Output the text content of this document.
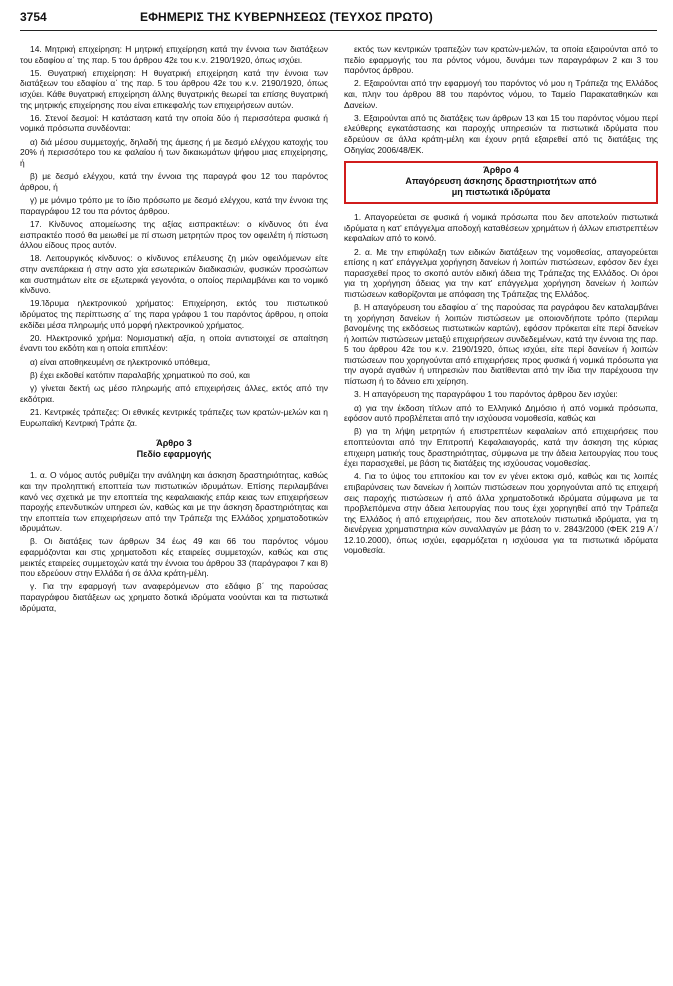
3754	ΕΦΗΜΕΡΙΣ ΤΗΣ ΚΥΒΕΡΝΗΣΕΩΣ (ΤΕΥΧΟΣ ΠΡΩΤΟ)

14. Μητρική επιχείρηση: Η μητρική επιχείρηση κατά την έννοια των διατάξεων του εδαφίου α΄ της παρ. 5 του άρθρου 42ε του κ.ν. 2190/1920, όπως ισχύει.

15. Θυγατρική επιχείρηση: Η θυγατρική επιχείρηση κατά την έννοια των διατάξεων του εδαφίου α΄ της παρ. 5 του άρθρου 42ε του κ.ν. 2190/1920, όπως ισχύει. Κάθε θυγατρική επιχείρηση άλλης θυγατρικής θεωρεί ται επίσης θυγατρική της μητρικής επιχείρησης που είναι επικεφαλής των επιχειρήσεων αυτών.

16. Στενοί δεσμοί: Η κατάσταση κατά την οποία δύο ή περισσότερα φυσικά ή νομικά πρόσωπα συνδέονται:

α) διά μέσου συμμετοχής, δηλαδή της άμεσης ή με δεσμό ελέγχου κατοχής του 20% ή περισσότερο του κε φαλαίου ή των δικαιωμάτων ψήφου μιας επιχείρησης, ή

β) με δεσμό ελέγχου, κατά την έννοια της παραγρά φου 12 του παρόντος άρθρου, ή

γ) με μόνιμο τρόπο με το ίδιο πρόσωπο με δεσμό ελέγχου, κατά την έννοια της παραγράφου 12 του πα ρόντος άρθρου.

17. Κίνδυνος απομείωσης της αξίας εισπρακτέων: ο κίνδυνος ότι ένα εισπρακτέο ποσό θα μειωθεί με πί στωση μετρητών προς τον οφειλέτη ή πίστωση άλλου είδους προς αυτόν.

18. Λειτουργικός κίνδυνος: ο κίνδυνος επέλευσης ζη μιών οφειλόμενων είτε στην ανεπάρκεια ή στην αστο χία εσωτερικών διαδικασιών, φυσικών προσώπων και συστημάτων είτε σε εξωτερικά γεγονότα, ο οποίος περιλαμβάνει και το νομικό κίνδυνο.

19.Ίδρυμα ηλεκτρονικού χρήματος: Επιχείρηση, εκτός του πιστωτικού ιδρύματος της περίπτωσης α΄ της παρα γράφου 1 του παρόντος άρθρου, η οποία εκδίδει μέσα πληρωμής υπό μορφή ηλεκτρονικού χρήματος.

20. Ηλεκτρονικό χρήμα: Νομισματική αξία, η οποία αντιστοιχεί σε απαίτηση έναντι του εκδότη και η οποία επιπλέον:

α) είναι αποθηκευμένη σε ηλεκτρονικό υπόθεμα,

β) έχει εκδοθεί κατόπιν παραλαβής χρηματικού πο σού, και

γ) γίνεται δεκτή ως μέσο πληρωμής από επιχειρήσεις άλλες, εκτός από την εκδότρια.

21. Κεντρικές τράπεζες: Οι εθνικές κεντρικές τράπεζες των κρατών-μελών και η Ευρωπαϊκή Κεντρική Τράπε ζα.

Άρθρο 3
Πεδίο εφαρμογής

1. α. Ο νόμος αυτός ρυθμίζει την ανάληψη και άσκηση δραστηριότητας, καθώς και την προληπτική εποπτεία των πιστωτικών ιδρυμάτων. Επίσης περιλαμβάνει κανό νες σχετικά με την εποπτεία της κεφαλαιακής επάρ κειας των επιχειρήσεων παροχής επενδυτικών υπηρεσι ών, καθώς και με την άσκηση δραστηριότητας και την εποπτεία των επιχειρήσεων από την Τράπεζα της Ελλάδος χρηματοδοτικών ιδρυμάτων.

β. Οι διατάξεις των άρθρων 34 έως 49 και 66 του παρόντος νόμου εφαρμόζονται και στις χρηματοδοτι κές εταιρείες συμμετοχών, καθώς και στις μεικτές εταιρείες συμμετοχών κατά την έννοια του άρθρου 33 (παράγραφοι 7 και 8) που εδρεύουν στην Ελλάδα ή σε άλλα κράτη-μέλη.

γ. Για την εφαρμογή των αναφερόμενων στο εδάφιο β΄ της παρούσας παραγράφου διατάξεων ως χρηματο δοτικά ιδρύματα νοούνται και τα πιστωτικά ιδρύματα,

εκτός των κεντρικών τραπεζών των κρατών-μελών, τα οποία εξαιρούνται από το πεδίο εφαρμογής του πα ρόντος νόμου, δυνάμει των παραγράφων 2 και 3 του παρόντος άρθρου.

2. Εξαιρούνται από την εφαρμογή του παρόντος νό μου η Τράπεζα της Ελλάδος και, πλην του άρθρου 88 του παρόντος νόμου, το Ταμείο Παρακαταθηκών και Δανείων.

3. Εξαιρούνται από τις διατάξεις των άρθρων 13 και 15 του παρόντος νόμου περί ελεύθερης εγκατάστασης και παροχής υπηρεσιών τα πιστωτικά ιδρύματα που εδρεύουν σε άλλα κράτη-μέλη και έχουν ρητά εξαιρεθεί από τις διατάξεις της Οδηγίας 2006/48/ΕΚ.

Άρθρο 4
Απαγόρευση άσκησης δραστηριοτήτων από
μη πιστωτικά ιδρύματα

1. Απαγορεύεται σε φυσικά ή νομικά πρόσωπα που δεν αποτελούν πιστωτικά ιδρύματα η κατ' επάγγελμα αποδοχή καταθέσεων χρημάτων ή άλλων επιστρεπτέων κεφαλαίων από το κοινό.

2. α. Με την επιφύλαξη των ειδικών διατάξεων της νομοθεσίας, απαγορεύεται επίσης η κατ' επάγγελμα χορήγηση δανείων ή λοιπών πιστώσεων, εφόσον δεν έχει παρασχεθεί προς το σκοπό αυτόν ειδική άδεια της Τράπεζας της Ελλάδος. Οι όροι για τη χορήγηση άδειας για την κατ' επάγγελμα χορήγηση δανείων ή λοιπών πιστώσεων καθορίζονται με απόφαση της Τράπεζας της Ελλάδος.

β. Η απαγόρευση του εδαφίου α΄ της παρούσας πα ραγράφου δεν καταλαμβάνει τη χορήγηση δανείων ή λοιπών πιστώσεων με οποιονδήποτε τρόπο (περιλαμ βανομένης της εκδόσεως πιστωτικών καρτών), εφόσον πρόκειται είτε περί δανείων ή λοιπών πιστώσεων μεταξύ επιχειρήσεων συνδεδεμένων, κατά την έννοια της παρ. 5 του άρθρου 42ε του κ.ν. 2190/1920, όπως ισχύει, είτε περί δανείων ή λοιπών πιστώσεων που χορηγούνται από επιχειρήσεις προς φυσικά ή νομικά πρόσωπα για την αγορά αγαθών ή υπηρεσιών που διατίθενται από την ίδια την παρέχουσα την πίστωση ή το δάνειο επι χείρηση.

3. Η απαγόρευση της παραγράφου 1 του παρόντος άρθρου δεν ισχύει:

α) για την έκδοση τίτλων από το Ελληνικό Δημόσιο ή από νομικά πρόσωπα, εφόσον αυτό προβλέπεται από την ισχύουσα νομοθεσία, καθώς και

β) για τη λήψη μετρητών ή επιστρεπτέων κεφαλαίων από επιχειρήσεις που εποπτεύονται από την Επιτροπή Κεφαλαιαγοράς, κατά την άσκηση της κύριας επιχειρη ματικής τους δραστηριότητας, σύμφωνα με την άδεια λειτουργίας που τους έχει παρασχεθεί, με βάση τις διατάξεις της ισχύουσας νομοθεσίας.

4. Για το ύψος του επιτοκίου και τον εν γένει εκτοκι σμό, καθώς και τις λοιπές επιβαρύνσεις των δανείων ή λοιπών πιστώσεων που χορηγούνται από τις επιχειρή σεις παροχής πιστώσεων ή από άλλα χρηματοδοτικά ιδρύματα σύμφωνα με τα προβλεπόμενα στην άδεια λειτουργίας που τους έχει χορηγηθεί από την Τράπεζα της Ελλάδος ή από επιχειρήσεις, που δεν αποτελούν πιστωτικά ιδρύματα, για τη διενέργεια χρηματιστηρια κών συναλλαγών με βάση το ν. 2843/2000 (ΦΕΚ 219 Α΄/ 12.10.2000), όπως ισχύει, εφαρμόζεται η ισχύουσα για τα πιστωτικά ιδρύματα νομοθεσία.
